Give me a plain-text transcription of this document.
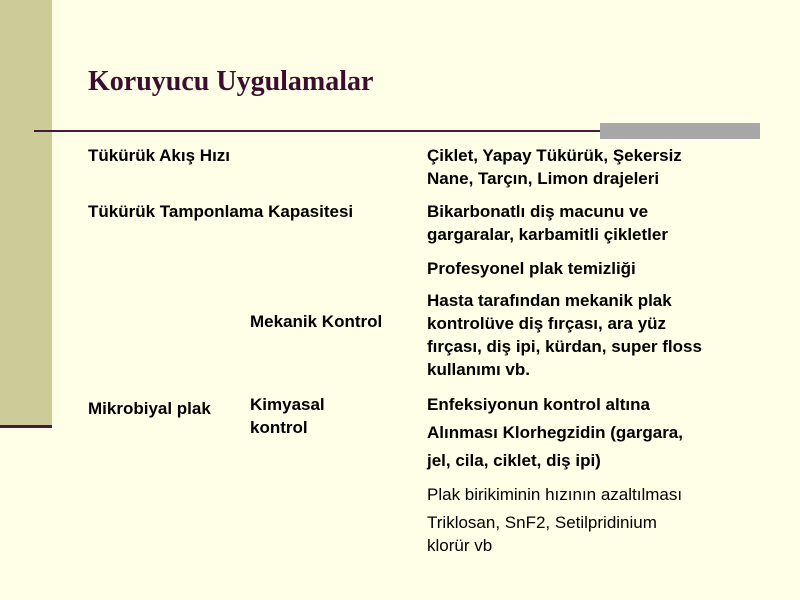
Koruyucu Uygulamalar
Tükürük Akış Hızı	Çiklet, Yapay Tükürük, Şekersiz
Nane, Tarçın, Limon drajeleri
Tükürük Tamponlama Kapasitesi	Bikarbonatlı diş macunu ve
gargaralar, karbamitli çikletler
Profesyonel plak temizliği
Mekanik Kontrol
Hasta tarafından mekanik plak
kontrolüve diş fırçası, ara yüz
fırçası, diş ipi, kürdan, super floss
kullanımı vb.
Mikrobiyal plak Kimyasal
kontrol
Enfeksiyonun kontrol altına
Alınması Klorhegzidin (gargara,
jel, cila, ciklet, diş ipi)
Plak birikiminin hızının azaltılması
Triklosan, SnF2, Setilpridinium
klorür vb
